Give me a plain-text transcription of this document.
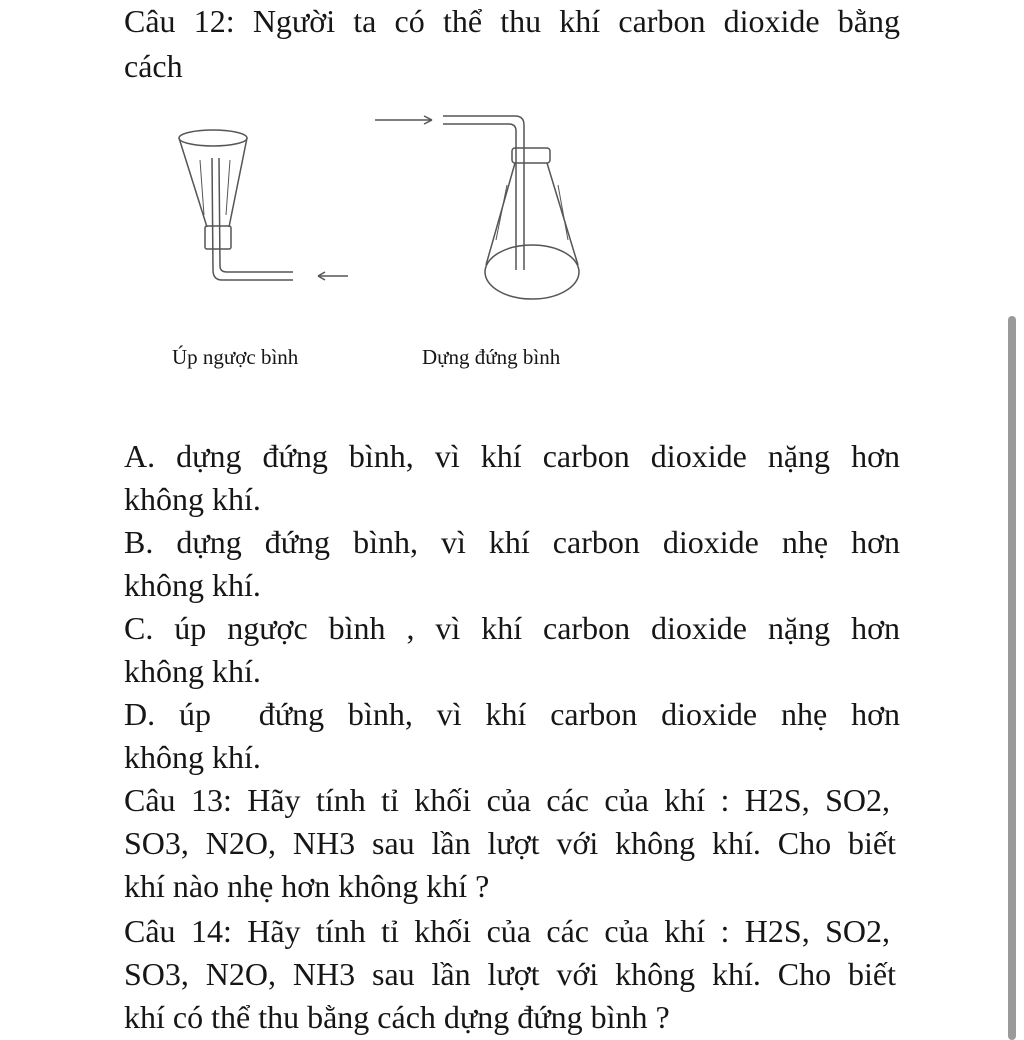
Câu 12: Người ta có thể thu khí carbon dioxide bằng
cách
Úp ngược bình	Dựng đứng bình
A. dựng đứng bình, vì khí carbon dioxide nặng hơn
không khí.
B. dựng đứng bình, vì khí carbon dioxide nhẹ hơn
không khí.
C. úp ngược bình , vì khí carbon dioxide nặng hơn
không khí.
D. úp  đứng bình, vì khí carbon dioxide nhẹ hơn
không khí.
Câu 13: Hãy tính tỉ khối của các của khí : H2S, SO2,
SO3, N2O, NH3 sau lần lượt với không khí. Cho biết
khí nào nhẹ hơn không khí ?
Câu 14: Hãy tính tỉ khối của các của khí : H2S, SO2,
SO3, N2O, NH3 sau lần lượt với không khí. Cho biết
khí có thể thu bằng cách dựng đứng bình ?
